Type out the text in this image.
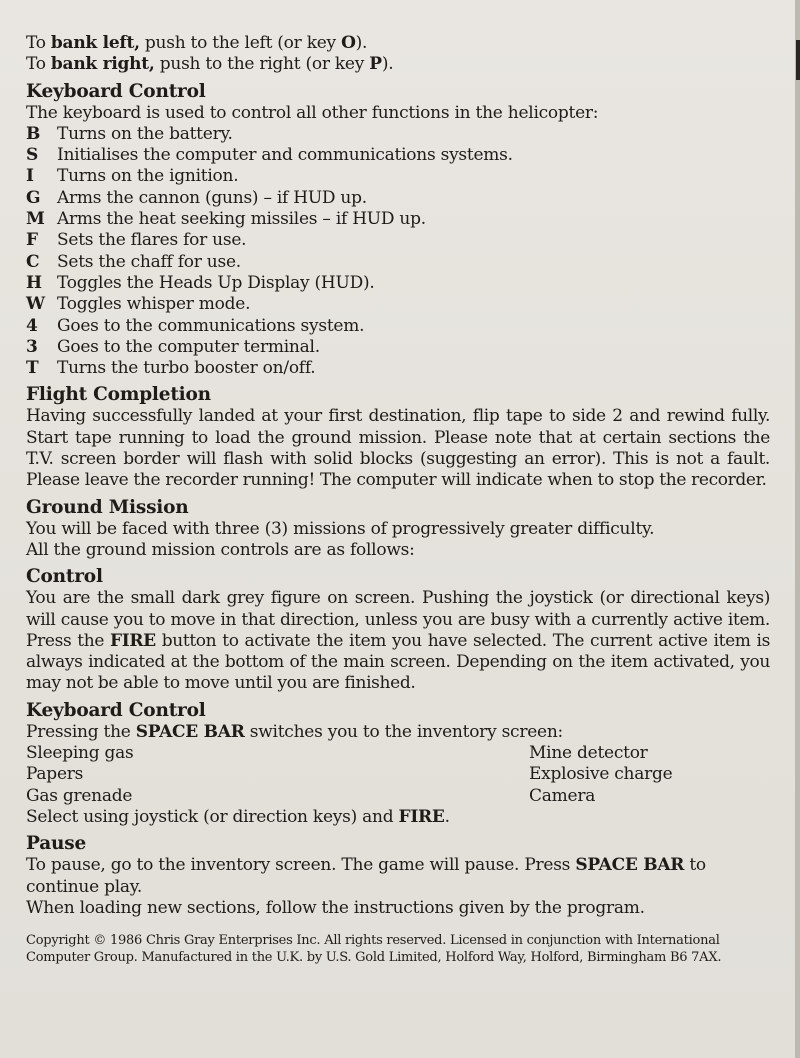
To bank left, push to the left (or key O).

To bank right, push to the right (or key P).

Keyboard Control

The keyboard is used to control all other functions in the helicopter:

B Turns on the battery.
S	Initialises the computer and communications systems.
I	Turns on the ignition.
G Arms the cannon (guns) – if HUD up.
M Arms the heat seeking missiles – if HUD up.
F	Sets the flares for use.
C	Sets the chaff for use.
H Toggles the Heads Up Display (HUD).
W Toggles whisper mode.
4	Goes to the communications system.
3	Goes to the computer terminal.
T	Turns the turbo booster on/off.
Flight Completion

Having successfully landed at your first destination, flip tape to side 2 and rewind fully. Start tape running to load the ground mission. Please note that at certain sections the T.V. screen border will flash with solid blocks (suggesting an error). This is not a fault. Please leave the recorder running! The computer will indicate when to stop the recorder.

Ground Mission

You will be faced with three (3) missions of progressively greater difficulty.

All the ground mission controls are as follows:

Control

You are the small dark grey figure on screen. Pushing the joystick (or directional keys) will cause you to move in that direction, unless you are busy with a currently active item. Press the FIRE button to activate the item you have selected. The current active item is always indicated at the bottom of the main screen. Depending on the item activated, you may not be able to move until you are finished.

Keyboard Control

Pressing the SPACE BAR switches you to the inventory screen:

Sleeping gas	Mine detector
Papers	Explosive charge
Gas grenade	Camera

Select using joystick (or direction keys) and FIRE.

Pause

To pause, go to the inventory screen. The game will pause. Press SPACE BAR to continue play.

When loading new sections, follow the instructions given by the program.

Copyright © 1986 Chris Gray Enterprises Inc. All rights reserved. Licensed in conjunction with International Computer Group. Manufactured in the U.K. by U.S. Gold Limited, Holford Way, Holford, Birmingham B6 7AX.
